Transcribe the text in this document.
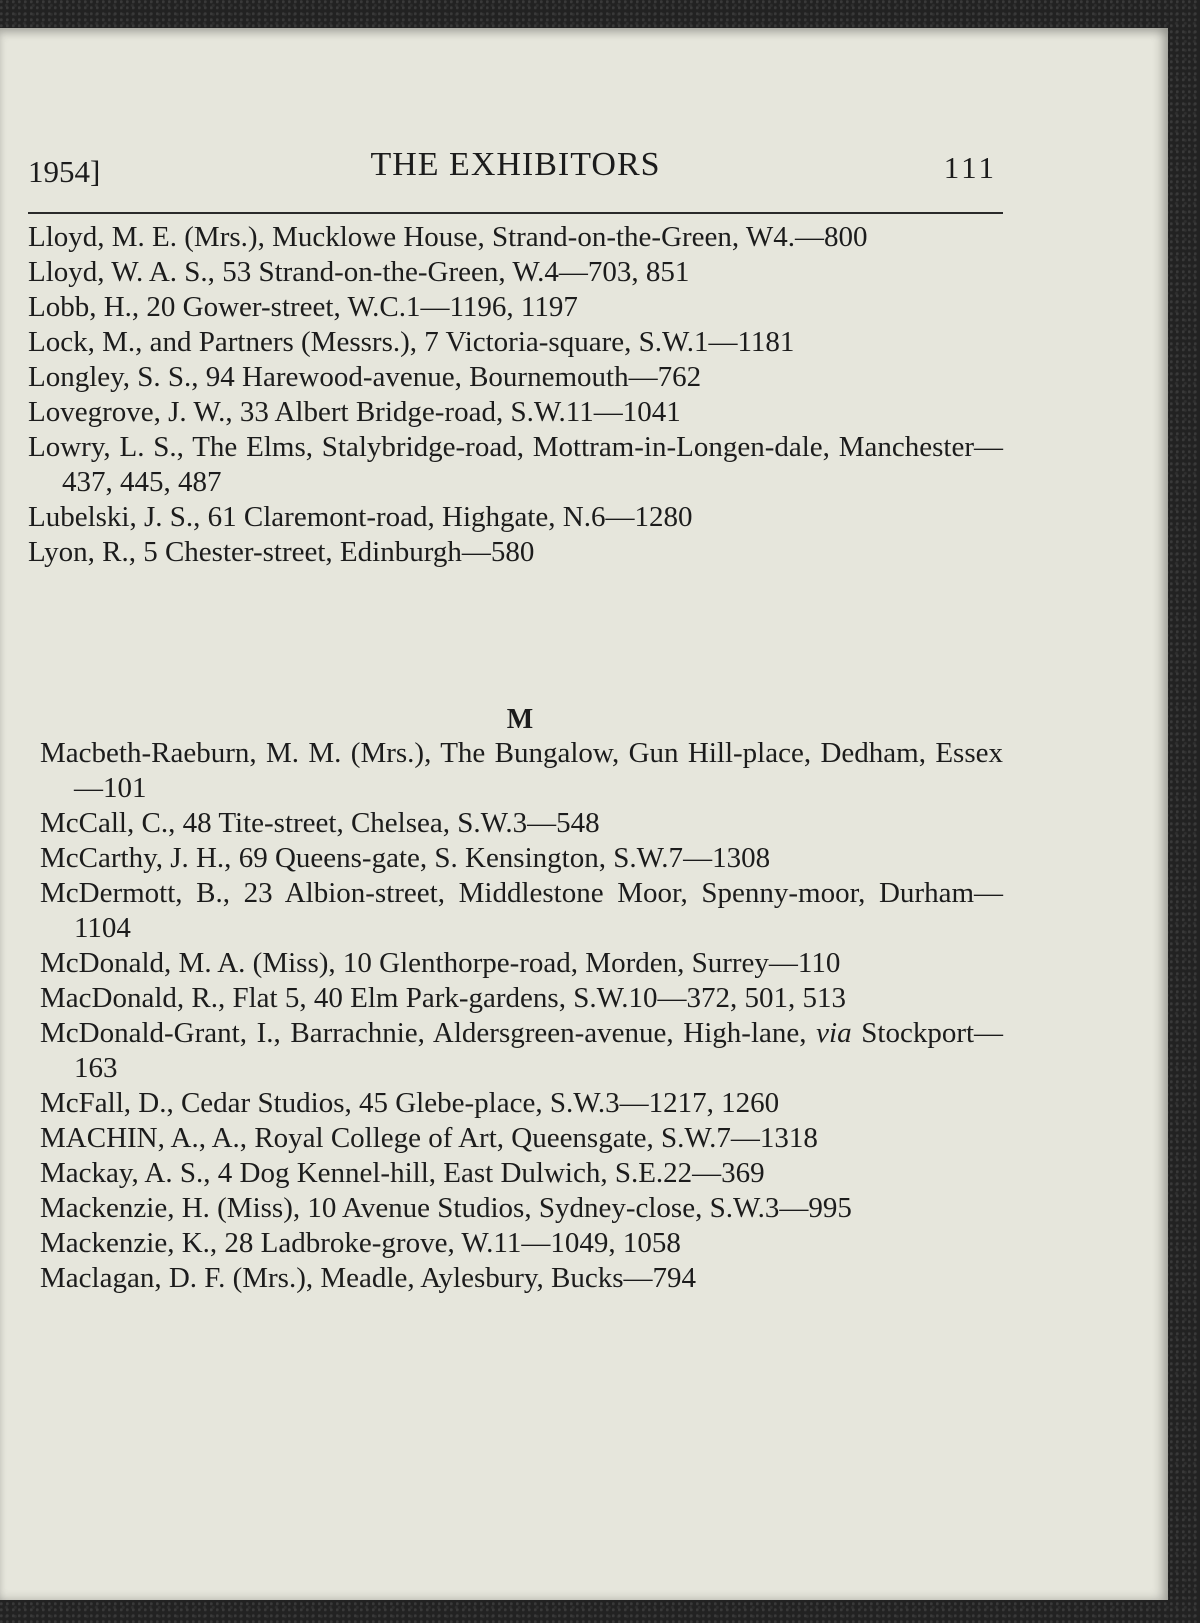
1954]	THE EXHIBITORS	111

Lloyd, M. E. (Mrs.), Mucklowe House, Strand-on-the-Green, W4.—800

Lloyd, W. A. S., 53 Strand-on-the-Green, W.4—703, 851

Lobb, H., 20 Gower-street, W.C.1—1196, 1197

Lock, M., and Partners (Messrs.), 7 Victoria-square, S.W.1—1181

Longley, S. S., 94 Harewood-avenue, Bournemouth—762

Lovegrove, J. W., 33 Albert Bridge-road, S.W.11—1041

Lowry, L. S., The Elms, Stalybridge-road, Mottram-in-Longen-dale, Manchester—437, 445, 487

Lubelski, J. S., 61 Claremont-road, Highgate, N.6—1280

Lyon, R., 5 Chester-street, Edinburgh—580

M

Macbeth-Raeburn, M. M. (Mrs.), The Bungalow, Gun Hill-place, Dedham, Essex—101

McCall, C., 48 Tite-street, Chelsea, S.W.3—548

McCarthy, J. H., 69 Queens-gate, S. Kensington, S.W.7—1308

McDermott, B., 23 Albion-street, Middlestone Moor, Spenny-moor, Durham—1104

McDonald, M. A. (Miss), 10 Glenthorpe-road, Morden, Surrey—110

MacDonald, R., Flat 5, 40 Elm Park-gardens, S.W.10—372, 501, 513

McDonald-Grant, I., Barrachnie, Aldersgreen-avenue, High-lane, via Stockport—163

McFall, D., Cedar Studios, 45 Glebe-place, S.W.3—1217, 1260

MACHIN, A., A., Royal College of Art, Queensgate, S.W.7—1318

Mackay, A. S., 4 Dog Kennel-hill, East Dulwich, S.E.22—369

Mackenzie, H. (Miss), 10 Avenue Studios, Sydney-close, S.W.3—995

Mackenzie, K., 28 Ladbroke-grove, W.11—1049, 1058

Maclagan, D. F. (Mrs.), Meadle, Aylesbury, Bucks—794
